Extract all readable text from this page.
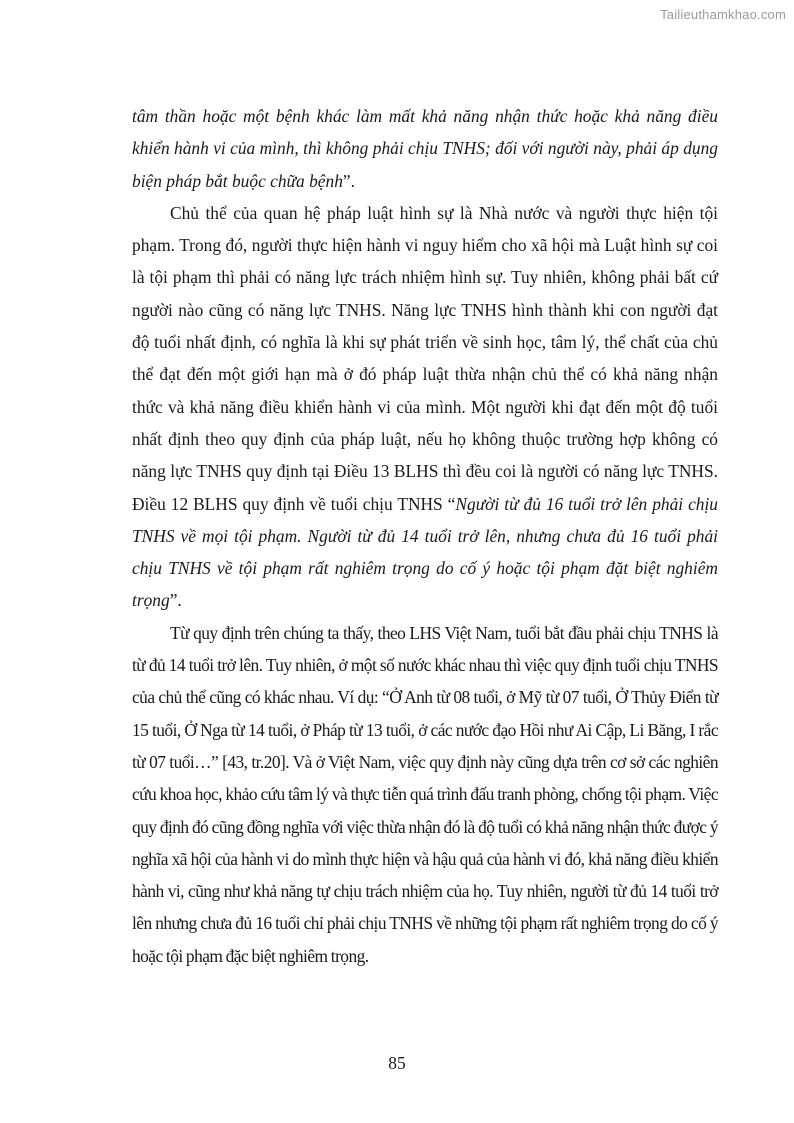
Tailieuthamkhao.com

tâm thần hoặc một bệnh khác làm mất khả năng nhận thức hoặc khả năng điều khiển hành vi của mình, thì không phải chịu TNHS; đối với người này, phải áp dụng biện pháp bắt buộc chữa bệnh”.

Chủ thể của quan hệ pháp luật hình sự là Nhà nước và người thực hiện tội phạm. Trong đó, người thực hiện hành vi nguy hiểm cho xã hội mà Luật hình sự coi là tội phạm thì phải có năng lực trách nhiệm hình sự. Tuy nhiên, không phải bất cứ người nào cũng có năng lực TNHS. Năng lực TNHS hình thành khi con người đạt độ tuổi nhất định, có nghĩa là khi sự phát triển về sinh học, tâm lý, thể chất của chủ thể đạt đến một giới hạn mà ở đó pháp luật thừa nhận chủ thể có khả năng nhận thức và khả năng điều khiển hành vi của mình. Một người khi đạt đến một độ tuổi nhất định theo quy định của pháp luật, nếu họ không thuộc trường hợp không có năng lực TNHS quy định tại Điều 13 BLHS thì đều coi là người có năng lực TNHS. Điều 12 BLHS quy định về tuổi chịu TNHS “Người từ đủ 16 tuổi trở lên phải chịu TNHS về mọi tội phạm. Người từ đủ 14 tuổi trở lên, nhưng chưa đủ 16 tuổi phải chịu TNHS về tội phạm rất nghiêm trọng do cố ý hoặc tội phạm đặt biệt nghiêm trọng”.

Từ quy định trên chúng ta thấy, theo LHS Việt Nam, tuổi bắt đầu phải chịu TNHS là từ đủ 14 tuổi trở lên. Tuy nhiên, ở một số nước khác nhau thì việc quy định tuổi chịu TNHS của chủ thể cũng có khác nhau. Ví dụ: “Ở Anh từ 08 tuổi, ở Mỹ từ 07 tuổi, Ở Thủy Điển từ 15 tuổi, Ở Nga từ 14 tuổi, ở Pháp từ 13 tuổi, ở các nước đạo Hồi như Ai Cập, Li Băng, I rắc từ 07 tuổi…” [43, tr.20]. Và ở Việt Nam, việc quy định này cũng dựa trên cơ sở các nghiên cứu khoa học, khảo cứu tâm lý và thực tiễn quá trình đấu tranh phòng, chống tội phạm. Việc quy định đó cũng đồng nghĩa với việc thừa nhận đó là độ tuổi có khả năng nhận thức được ý nghĩa xã hội của hành vi do mình thực hiện và hậu quả của hành vi đó, khả năng điều khiển hành vi, cũng như khả năng tự chịu trách nhiệm của họ. Tuy nhiên, người từ đủ 14 tuổi trở lên nhưng chưa đủ 16 tuổi chỉ phải chịu TNHS về những tội phạm rất nghiêm trọng do cố ý hoặc tội phạm đặc biệt nghiêm trọng.

85
